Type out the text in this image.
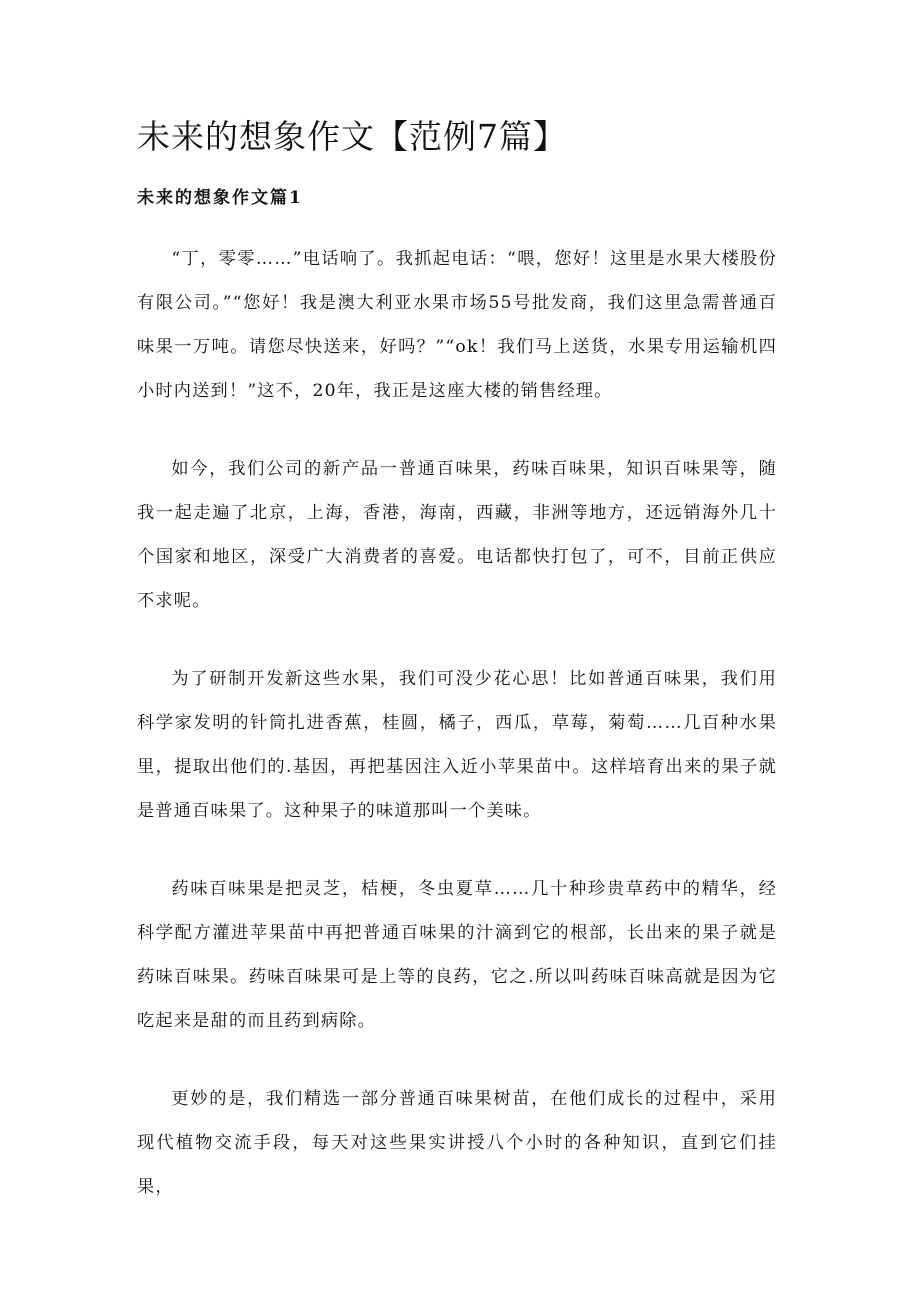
未来的想象作文【范例7篇】
未来的想象作文篇1

“丁，零零……”电话响了。我抓起电话：“喂，您好！这里是水果大楼股份有限公司。”“您好！我是澳大利亚水果市场55号批发商，我们这里急需普通百味果一万吨。请您尽快送来，好吗？”“ok！我们马上送货，水果专用运输机四小时内送到！”这不，20年，我正是这座大楼的销售经理。

如今，我们公司的新产品一普通百味果，药味百味果，知识百味果等，随我一起走遍了北京，上海，香港，海南，西藏，非洲等地方，还远销海外几十个国家和地区，深受广大消费者的喜爱。电话都快打包了，可不，目前正供应不求呢。

为了研制开发新这些水果，我们可没少花心思！比如普通百味果，我们用科学家发明的针筒扎进香蕉，桂圆，橘子，西瓜，草莓，菊萄……几百种水果里，提取出他们的.基因，再把基因注入近小苹果苗中。这样培育出来的果子就是普通百味果了。这种果子的味道那叫一个美味。

药味百味果是把灵芝，桔梗，冬虫夏草……几十种珍贵草药中的精华，经科学配方灌进苹果苗中再把普通百味果的汁滴到它的根部，长出来的果子就是药味百味果。药味百味果可是上等的良药，它之.所以叫药味百味高就是因为它吃起来是甜的而且药到病除。

更妙的是，我们精选一部分普通百味果树苗，在他们成长的过程中，采用现代植物交流手段，每天对这些果实讲授八个小时的各种知识，直到它们挂果，
